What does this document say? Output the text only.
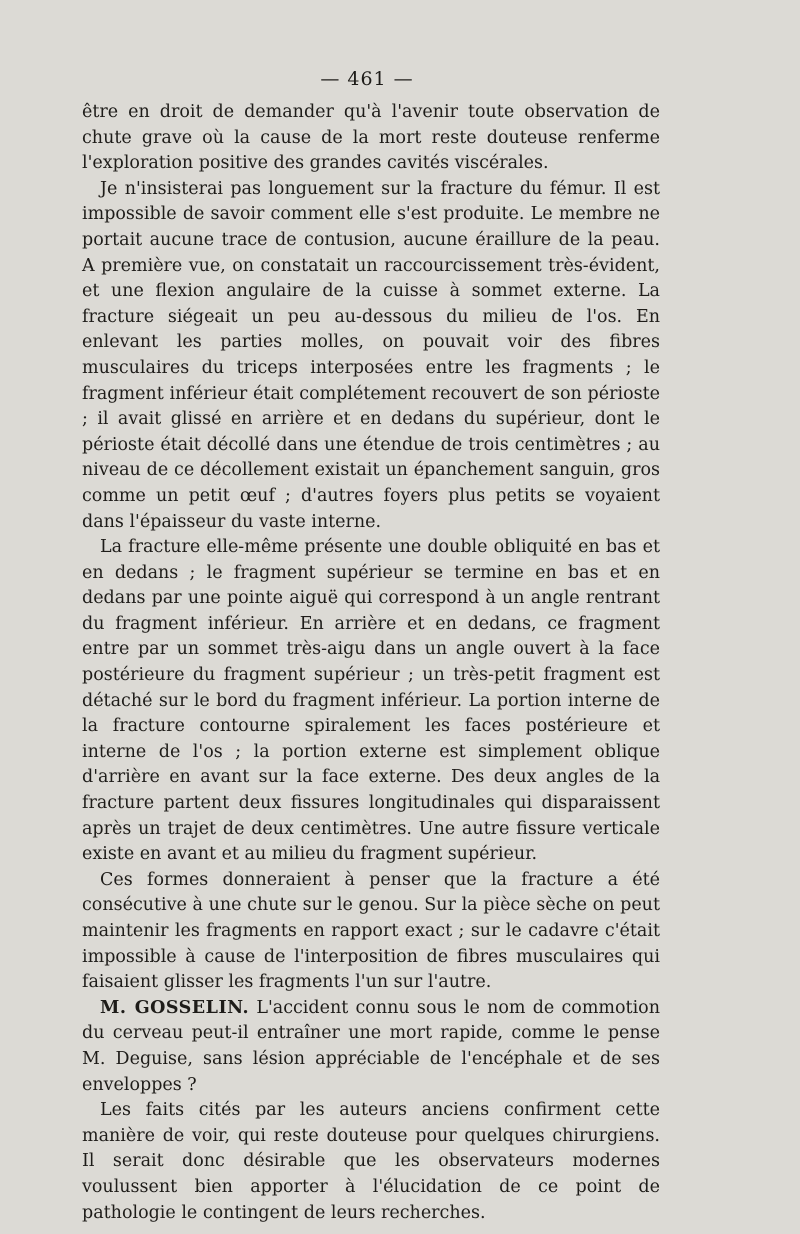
— 461 —

être en droit de demander qu'à l'avenir toute observation de chute grave où la cause de la mort reste douteuse renferme l'exploration positive des grandes cavités viscérales.

Je n'insisterai pas longuement sur la fracture du fémur. Il est impossible de savoir comment elle s'est produite. Le membre ne portait aucune trace de contusion, aucune éraillure de la peau. A première vue, on constatait un raccourcissement très-évident, et une flexion angulaire de la cuisse à sommet externe. La fracture siégeait un peu au-dessous du milieu de l'os. En enlevant les parties molles, on pouvait voir des fibres musculaires du triceps interposées entre les fragments ; le fragment inférieur était complétement recouvert de son périoste ; il avait glissé en arrière et en dedans du supérieur, dont le périoste était décollé dans une étendue de trois centimètres ; au niveau de ce décollement existait un épanchement sanguin, gros comme un petit œuf ; d'autres foyers plus petits se voyaient dans l'épaisseur du vaste interne.

La fracture elle-même présente une double obliquité en bas et en dedans ; le fragment supérieur se termine en bas et en dedans par une pointe aiguë qui correspond à un angle rentrant du fragment inférieur. En arrière et en dedans, ce fragment entre par un sommet très-aigu dans un angle ouvert à la face postérieure du fragment supérieur ; un très-petit fragment est détaché sur le bord du fragment inférieur. La portion interne de la fracture contourne spiralement les faces postérieure et interne de l'os ; la portion externe est simplement oblique d'arrière en avant sur la face externe. Des deux angles de la fracture partent deux fissures longitudinales qui disparaissent après un trajet de deux centimètres. Une autre fissure verticale existe en avant et au milieu du fragment supérieur.

Ces formes donneraient à penser que la fracture a été consécutive à une chute sur le genou. Sur la pièce sèche on peut maintenir les fragments en rapport exact ; sur le cadavre c'était impossible à cause de l'interposition de fibres musculaires qui faisaient glisser les fragments l'un sur l'autre.

M. GOSSELIN. L'accident connu sous le nom de commotion du cerveau peut-il entraîner une mort rapide, comme le pense M. Deguise, sans lésion appréciable de l'encéphale et de ses enveloppes ?

Les faits cités par les auteurs anciens confirment cette manière de voir, qui reste douteuse pour quelques chirurgiens. Il serait donc désirable que les observateurs modernes voulussent bien apporter à l'élucidation de ce point de pathologie le contingent de leurs recherches.
